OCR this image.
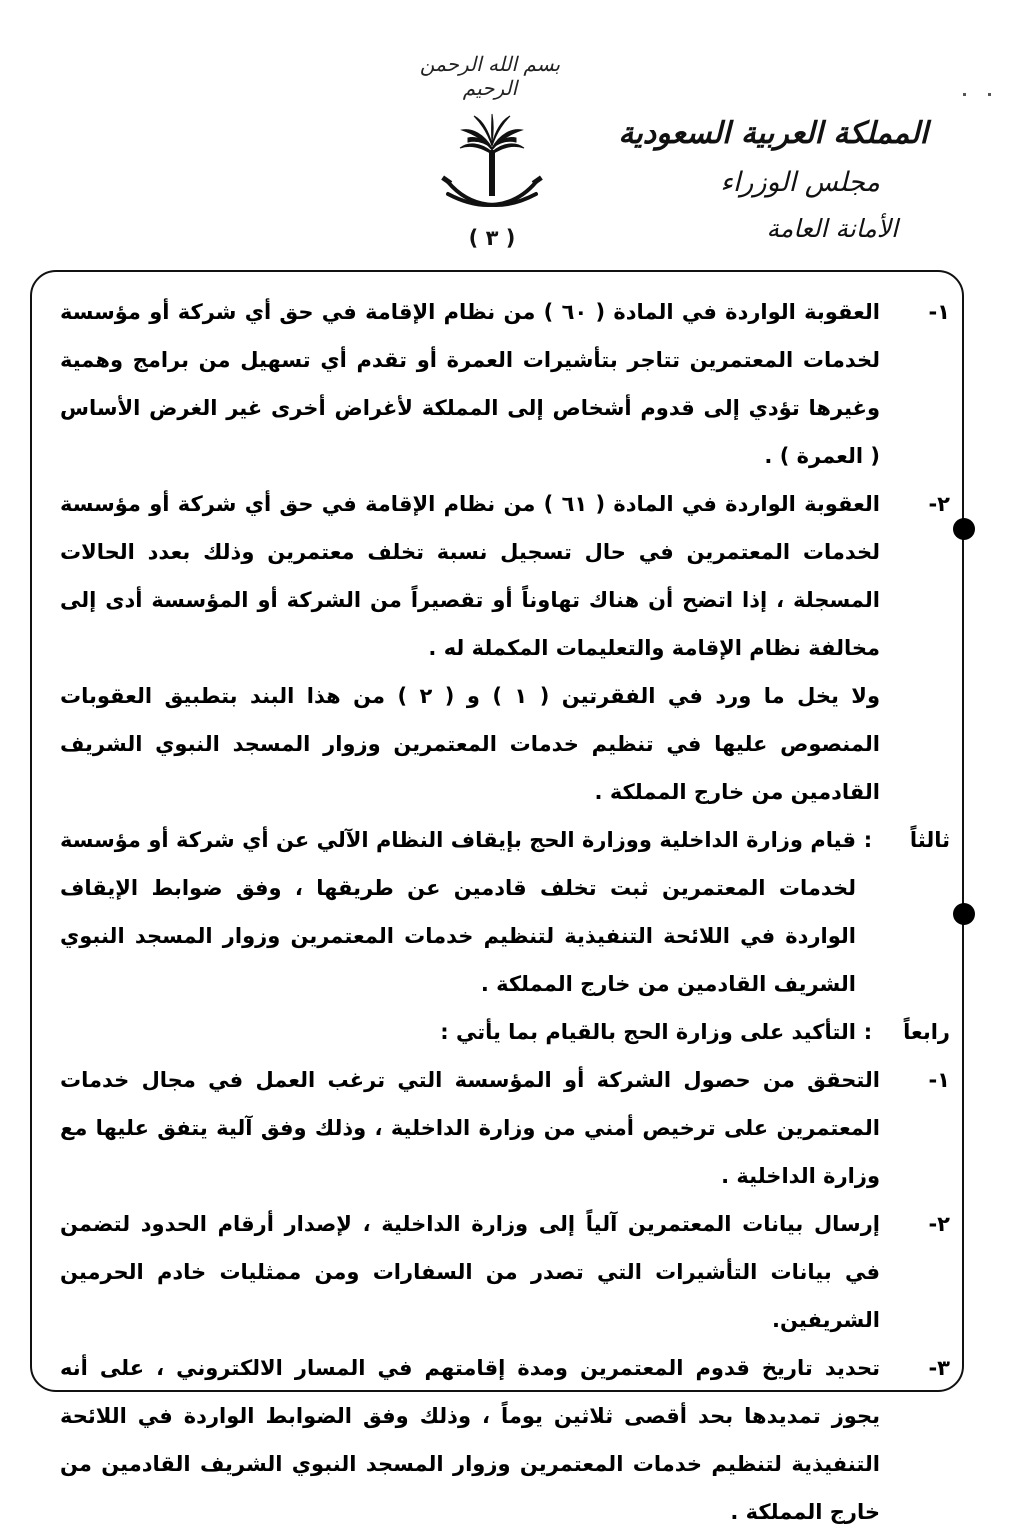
بسم الله الرحمن الرحيم
( ٣ )
المملكة العربية السعودية
مجلس الوزراء
الأمانة العامة
١-
العقوبة الواردة في المادة ( ٦٠ ) من نظام الإقامة في حق أي شركة أو مؤسسة لخدمات المعتمرين تتاجر بتأشيرات العمرة أو تقدم أي تسهيل من برامج وهمية وغيرها تؤدي إلى قدوم أشخاص إلى المملكة لأغراض أخرى غير الغرض الأساس ( العمرة ) .
٢-
العقوبة الواردة في المادة ( ٦١ ) من نظام الإقامة في حق أي شركة أو مؤسسة لخدمات المعتمرين في حال تسجيل نسبة تخلف معتمرين وذلك بعدد الحالات المسجلة ، إذا اتضح أن هناك تهاوناً أو تقصيراً من الشركة أو المؤسسة أدى إلى مخالفة نظام الإقامة والتعليمات المكملة له .
ولا يخل ما ورد في الفقرتين ( ١ ) و ( ٢ ) من هذا البند بتطبيق العقوبات المنصوص عليها في تنظيم خدمات المعتمرين وزوار المسجد النبوي الشريف القادمين من خارج المملكة .
ثالثاً
:
قيام وزارة الداخلية ووزارة الحج بإيقاف النظام الآلي عن أي شركة أو مؤسسة لخدمات المعتمرين ثبت تخلف قادمين عن طريقها ، وفق ضوابط الإيقاف الواردة في اللائحة التنفيذية لتنظيم خدمات المعتمرين وزوار المسجد النبوي الشريف القادمين من خارج المملكة .
رابعاً
:
التأكيد على وزارة الحج بالقيام بما يأتي :
١-
التحقق من حصول الشركة أو المؤسسة التي ترغب العمل في مجال خدمات المعتمرين على ترخيص أمني من وزارة الداخلية ، وذلك وفق آلية يتفق عليها مع وزارة الداخلية .
٢-
إرسال بيانات المعتمرين آلياً إلى وزارة الداخلية ، لإصدار أرقام الحدود لتضمن في بيانات التأشيرات التي تصدر من السفارات ومن ممثليات خادم الحرمين الشريفين.
٣-
تحديد تاريخ قدوم المعتمرين ومدة إقامتهم في المسار الالكتروني ، على أنه يجوز تمديدها بحد أقصى ثلاثين يوماً ، وذلك وفق الضوابط الواردة في اللائحة التنفيذية لتنظيم خدمات المعتمرين وزوار المسجد النبوي الشريف القادمين من خارج المملكة .
